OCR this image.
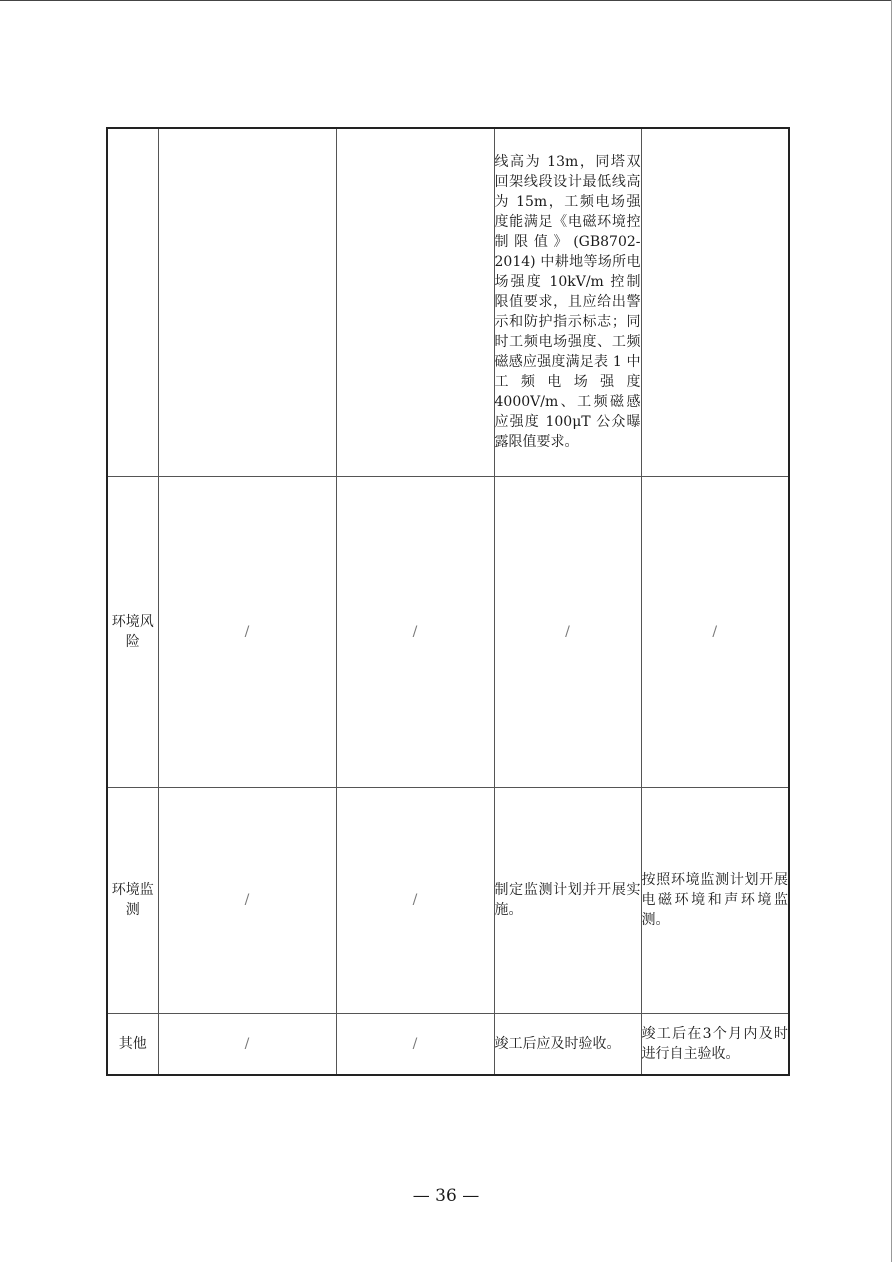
			线高为 13m，同塔双回架线段设计最低线高为 15m，工频电场强度能满足《电磁环境控制限值》(GB8702-2014) 中耕地等场所电场强度 10kV/m 控制限值要求，且应给出警示和防护指示标志；同时工频电场强度、工频磁感应强度满足表 1 中工频电场强度 4000V/m、工频磁感应强度 100μT 公众曝露限值要求。	
环境风险	/	/	/	/
环境监测	/	/	制定监测计划并开展实施。	按照环境监测计划开展电磁环境和声环境监测。
其他	/	/	竣工后应及时验收。	竣工后在3个月内及时进行自主验收。
— 36 —
